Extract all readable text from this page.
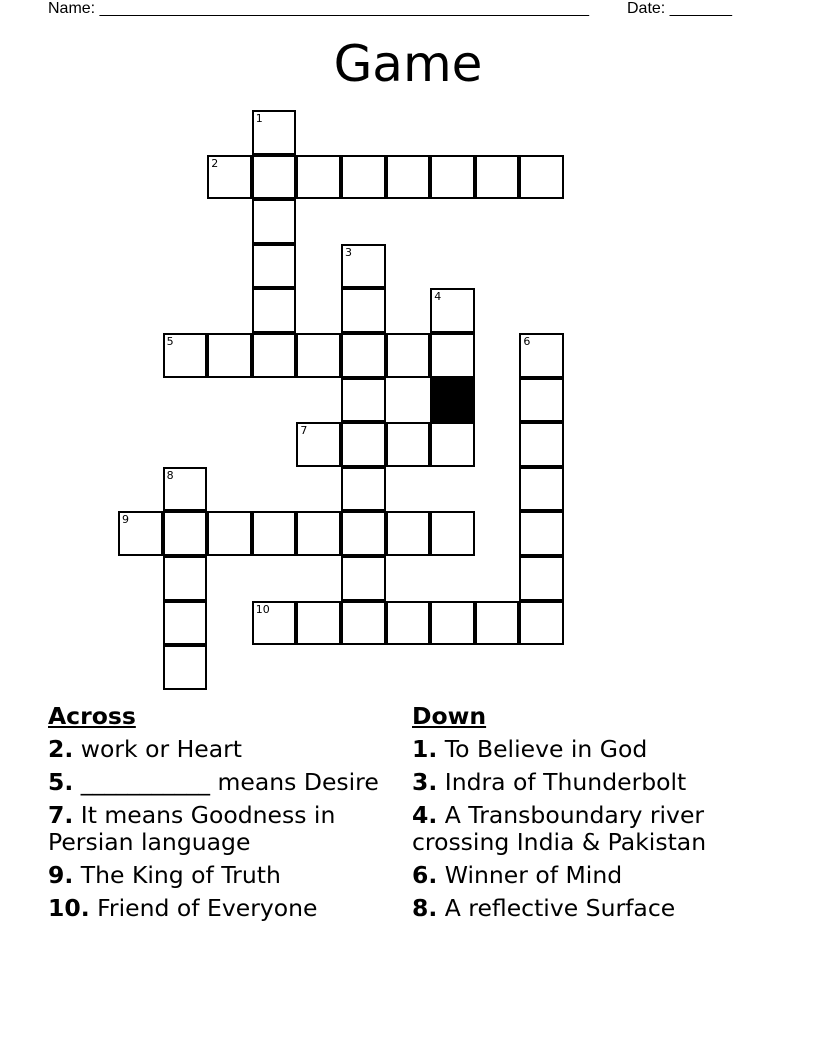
Name: _______________________________________________________ Date: _______
Game
1
2
3
4
5	6
7
8
9
10
Across
2. work or Heart
5. ___________ means Desire
7. It means Goodness in Persian language
9. The King of Truth
10. Friend of Everyone
Down
1. To Believe in God
3. Indra of Thunderbolt
4. A Transboundary river crossing India & Pakistan
6. Winner of Mind
8. A reflective Surface
